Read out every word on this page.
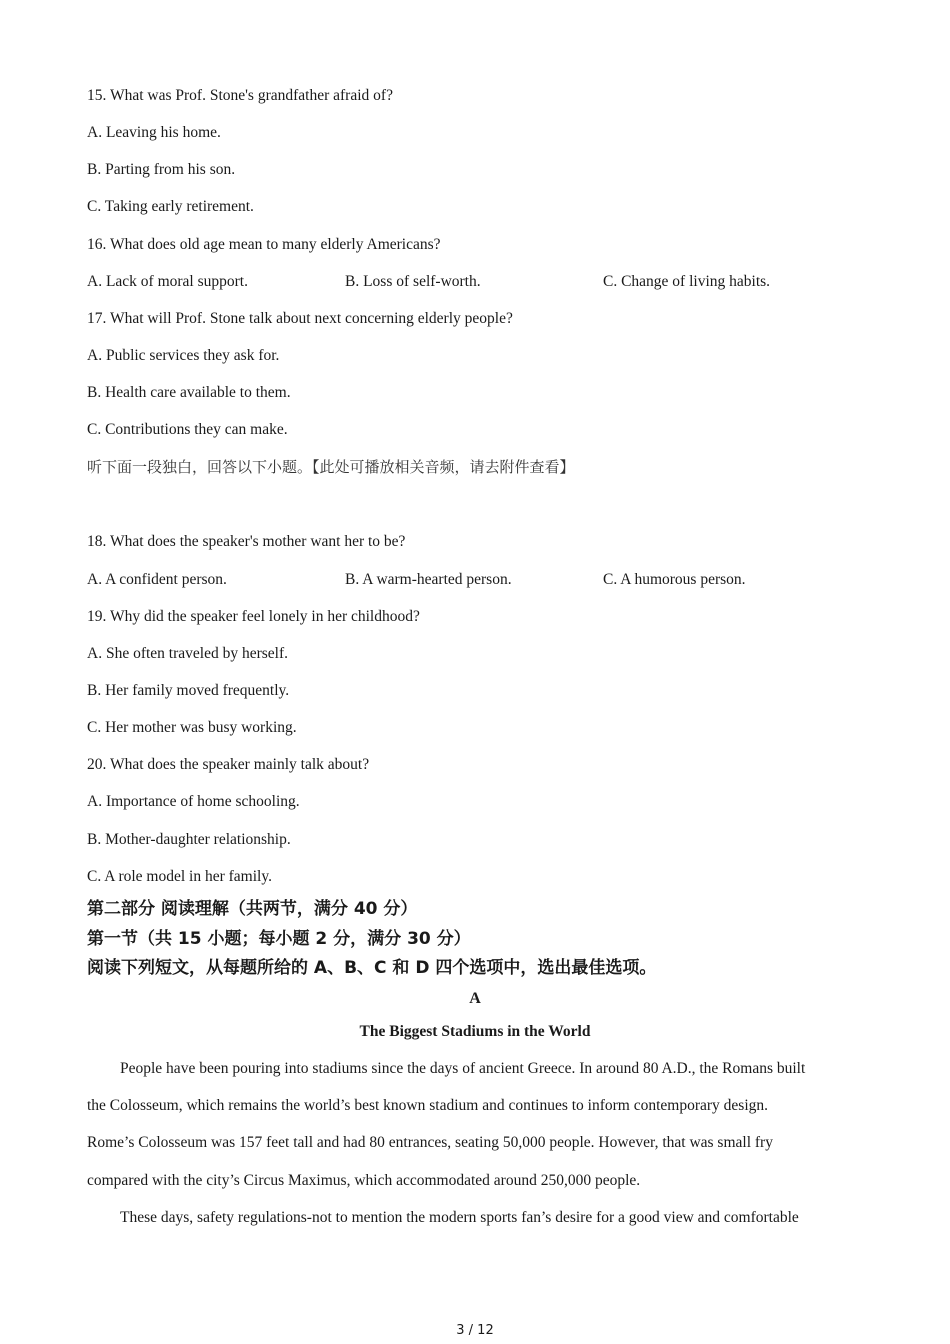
15. What was Prof. Stone's grandfather afraid of?
A. Leaving his home.
B. Parting from his son.
C. Taking early retirement.
16. What does old age mean to many elderly Americans?
A. Lack of moral support.	B. Loss of self-worth.	C. Change of living habits.
17. What will Prof. Stone talk about next concerning elderly people?
A. Public services they ask for.
B. Health care available to them.
C. Contributions they can make.
听下面一段独白，回答以下小题。【此处可播放相关音频，请去附件查看】
18. What does the speaker's mother want her to be?
A. A confident person.	B. A warm-hearted person.	C. A humorous person.
19. Why did the speaker feel lonely in her childhood?
A. She often traveled by herself.
B. Her family moved frequently.
C. Her mother was busy working.
20. What does the speaker mainly talk about?
A. Importance of home schooling.
B. Mother-daughter relationship.
C. A role model in her family.
第二部分 阅读理解（共两节，满分 40 分）
第一节（共 15 小题；每小题 2 分，满分 30 分）
阅读下列短文，从每题所给的 A、B、C 和 D 四个选项中，选出最佳选项。
A
The Biggest Stadiums in the World
People have been pouring into stadiums since the days of ancient Greece. In around 80 A.D., the Romans built
the Colosseum, which remains the world’s best known stadium and continues to inform contemporary design.
Rome’s Colosseum was 157 feet tall and had 80 entrances, seating 50,000 people. However, that was small fry
compared with the city’s Circus Maximus, which accommodated around 250,000 people.
These days, safety regulations-not to mention the modern sports fan’s desire for a good view and comfortable
3 / 12
